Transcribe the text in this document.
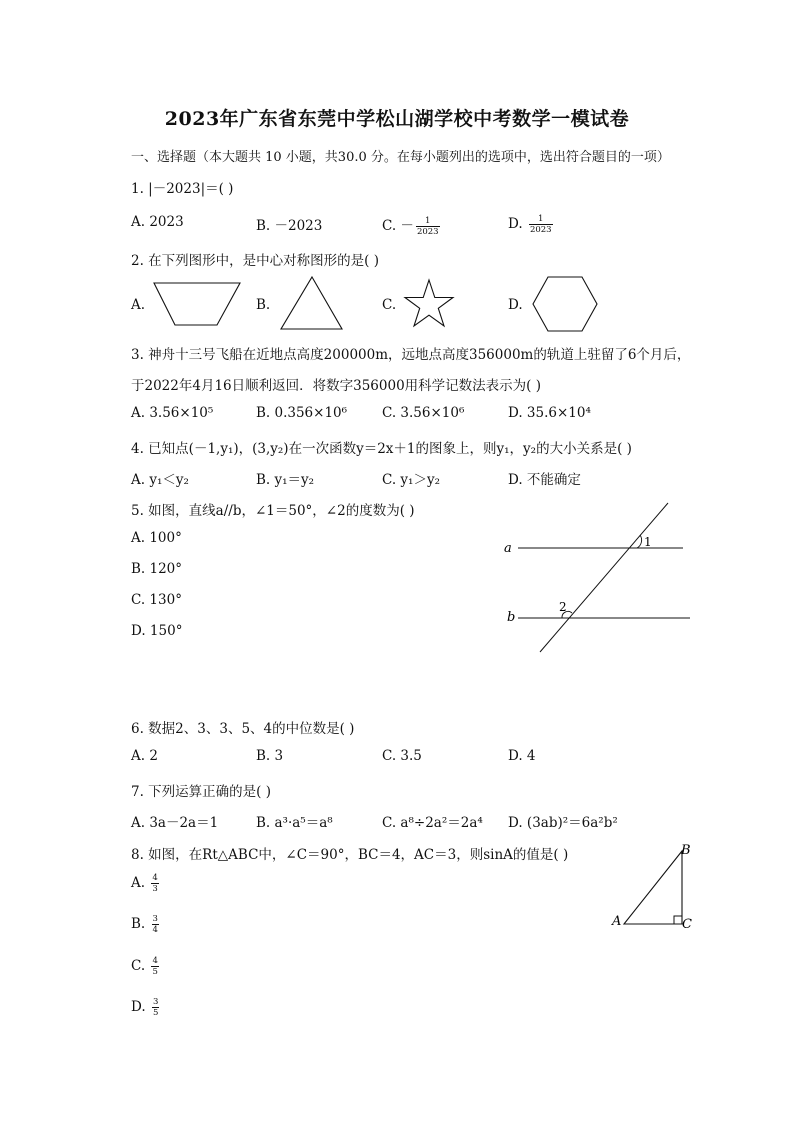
2023年广东省东莞中学松山湖学校中考数学一模试卷
一、选择题（本大题共 10 小题，共30.0 分。在每小题列出的选项中，选出符合题目的一项）
1. |－2023|＝( )
A. 2023	B. －2023	C. － $\frac{1}{2023}$	D. $\frac{1}{2023}$
2. 在下列图形中，是中心对称图形的是( )
A.	B.	C.	D.
3. 神舟十三号飞船在近地点高度200000m，远地点高度356000m的轨道上驻留了6个月后，
于2022年4月16日顺利返回．将数字356000用科学记数法表示为( )
A. 3.56×10⁵	B. 0.356×10⁶	C. 3.56×10⁶	D. 35.6×10⁴
4. 已知点(－1,y₁)，(3,y₂)在一次函数y＝2x＋1的图象上，则y₁，y₂的大小关系是( )
A. y₁＜y₂	B. y₁＝y₂	C. y₁＞y₂	D. 不能确定
5. 如图，直线a//b，∠1＝50°，∠2的度数为( )
A. 100°
B. 120°
C. 130°
D. 150°
a
b
1
2
6. 数据2、3、3、5、4的中位数是( )
A. 2	B. 3	C. 3.5	D. 4
7. 下列运算正确的是( )
A. 3a－2a＝1	B. a³·a⁵＝a⁸	C. a⁸÷2a²＝2a⁴ D. (3ab)²＝6a²b²
8. 如图，在Rt△ABC中，∠C＝90°，BC＝4，AC＝3，则sinA的值是( )
A. $\frac{4}{3}$
B. $\frac{3}{4}$
C. $\frac{4}{5}$
D. $\frac{3}{5}$
A
B
C
